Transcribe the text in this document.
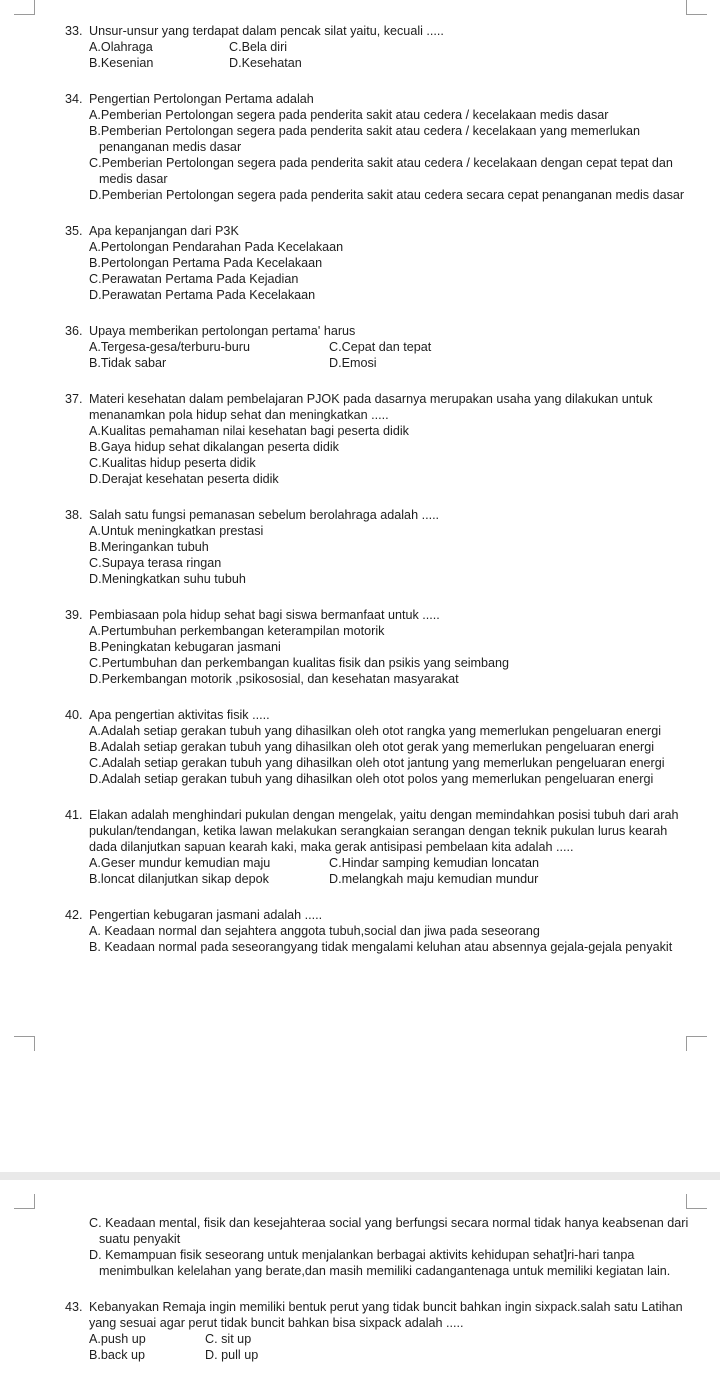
33. Unsur-unsur yang terdapat dalam pencak silat yaitu, kecuali .....
A.Olahraga	C.Bela diri
B.Kesenian	D.Kesehatan
34. Pengertian Pertolongan Pertama adalah
A.Pemberian Pertolongan segera pada penderita sakit atau cedera / kecelakaan medis dasar
B.Pemberian Pertolongan segera pada penderita sakit atau cedera / kecelakaan yang memerlukan penanganan medis dasar
C.Pemberian Pertolongan segera pada penderita sakit atau cedera / kecelakaan dengan cepat tepat dan medis dasar
D.Pemberian Pertolongan segera pada penderita sakit atau cedera secara cepat penanganan medis dasar
35. Apa kepanjangan dari P3K
A.Pertolongan Pendarahan Pada Kecelakaan
B.Pertolongan Pertama Pada Kecelakaan
C.Perawatan Pertama Pada Kejadian
D.Perawatan Pertama Pada Kecelakaan
36. Upaya memberikan pertolongan pertama' harus
A.Tergesa-gesa/terburu-buru	C.Cepat dan tepat
B.Tidak sabar	D.Emosi
37. Materi kesehatan dalam pembelajaran PJOK pada dasarnya merupakan usaha yang dilakukan untuk menanamkan pola hidup sehat dan meningkatkan .....
A.Kualitas pemahaman nilai kesehatan bagi peserta didik
B.Gaya hidup sehat dikalangan peserta didik
C.Kualitas hidup peserta didik
D.Derajat kesehatan peserta didik
38. Salah satu fungsi pemanasan sebelum berolahraga adalah .....
A.Untuk meningkatkan prestasi
B.Meringankan tubuh
C.Supaya terasa ringan
D.Meningkatkan suhu tubuh
39. Pembiasaan pola hidup sehat bagi siswa bermanfaat untuk .....
A.Pertumbuhan perkembangan keterampilan motorik
B.Peningkatan kebugaran jasmani
C.Pertumbuhan dan perkembangan kualitas fisik dan psikis yang seimbang
D.Perkembangan motorik ,psikososial, dan kesehatan masyarakat
40. Apa pengertian aktivitas fisik .....
A.Adalah setiap gerakan tubuh yang dihasilkan oleh otot rangka yang memerlukan pengeluaran energi
B.Adalah setiap gerakan tubuh yang dihasilkan oleh otot gerak yang memerlukan pengeluaran energi
C.Adalah setiap gerakan tubuh yang dihasilkan oleh otot jantung yang memerlukan pengeluaran energi
D.Adalah setiap gerakan tubuh yang dihasilkan oleh otot polos yang memerlukan pengeluaran energi
41. Elakan adalah menghindari pukulan dengan mengelak, yaitu dengan memindahkan posisi tubuh dari arah pukulan/tendangan, ketika lawan melakukan serangkaian serangan dengan teknik pukulan lurus kearah dada dilanjutkan sapuan kearah kaki, maka gerak antisipasi pembelaan kita adalah .....
A.Geser mundur kemudian maju	C.Hindar samping kemudian loncatan
B.loncat dilanjutkan sikap depok	D.melangkah maju kemudian mundur
42. Pengertian kebugaran jasmani adalah .....
A. Keadaan normal dan sejahtera anggota tubuh,social dan jiwa pada seseorang
B. Keadaan normal pada seseorangyang tidak mengalami keluhan atau absennya gejala-gejala penyakit
C. Keadaan mental, fisik dan kesejahteraa social yang berfungsi secara normal tidak hanya keabsenan dari suatu penyakit
D. Kemampuan fisik seseorang untuk menjalankan berbagai aktivits kehidupan sehat]ri-hari tanpa menimbulkan kelelahan yang berate,dan masih memiliki cadangantenaga untuk memiliki kegiatan lain.
43. Kebanyakan Remaja ingin memiliki bentuk perut yang tidak buncit bahkan ingin sixpack.salah satu Latihan yang sesuai agar perut tidak buncit bahkan bisa sixpack adalah .....
A.push up	C. sit up
B.back up	D. pull up
